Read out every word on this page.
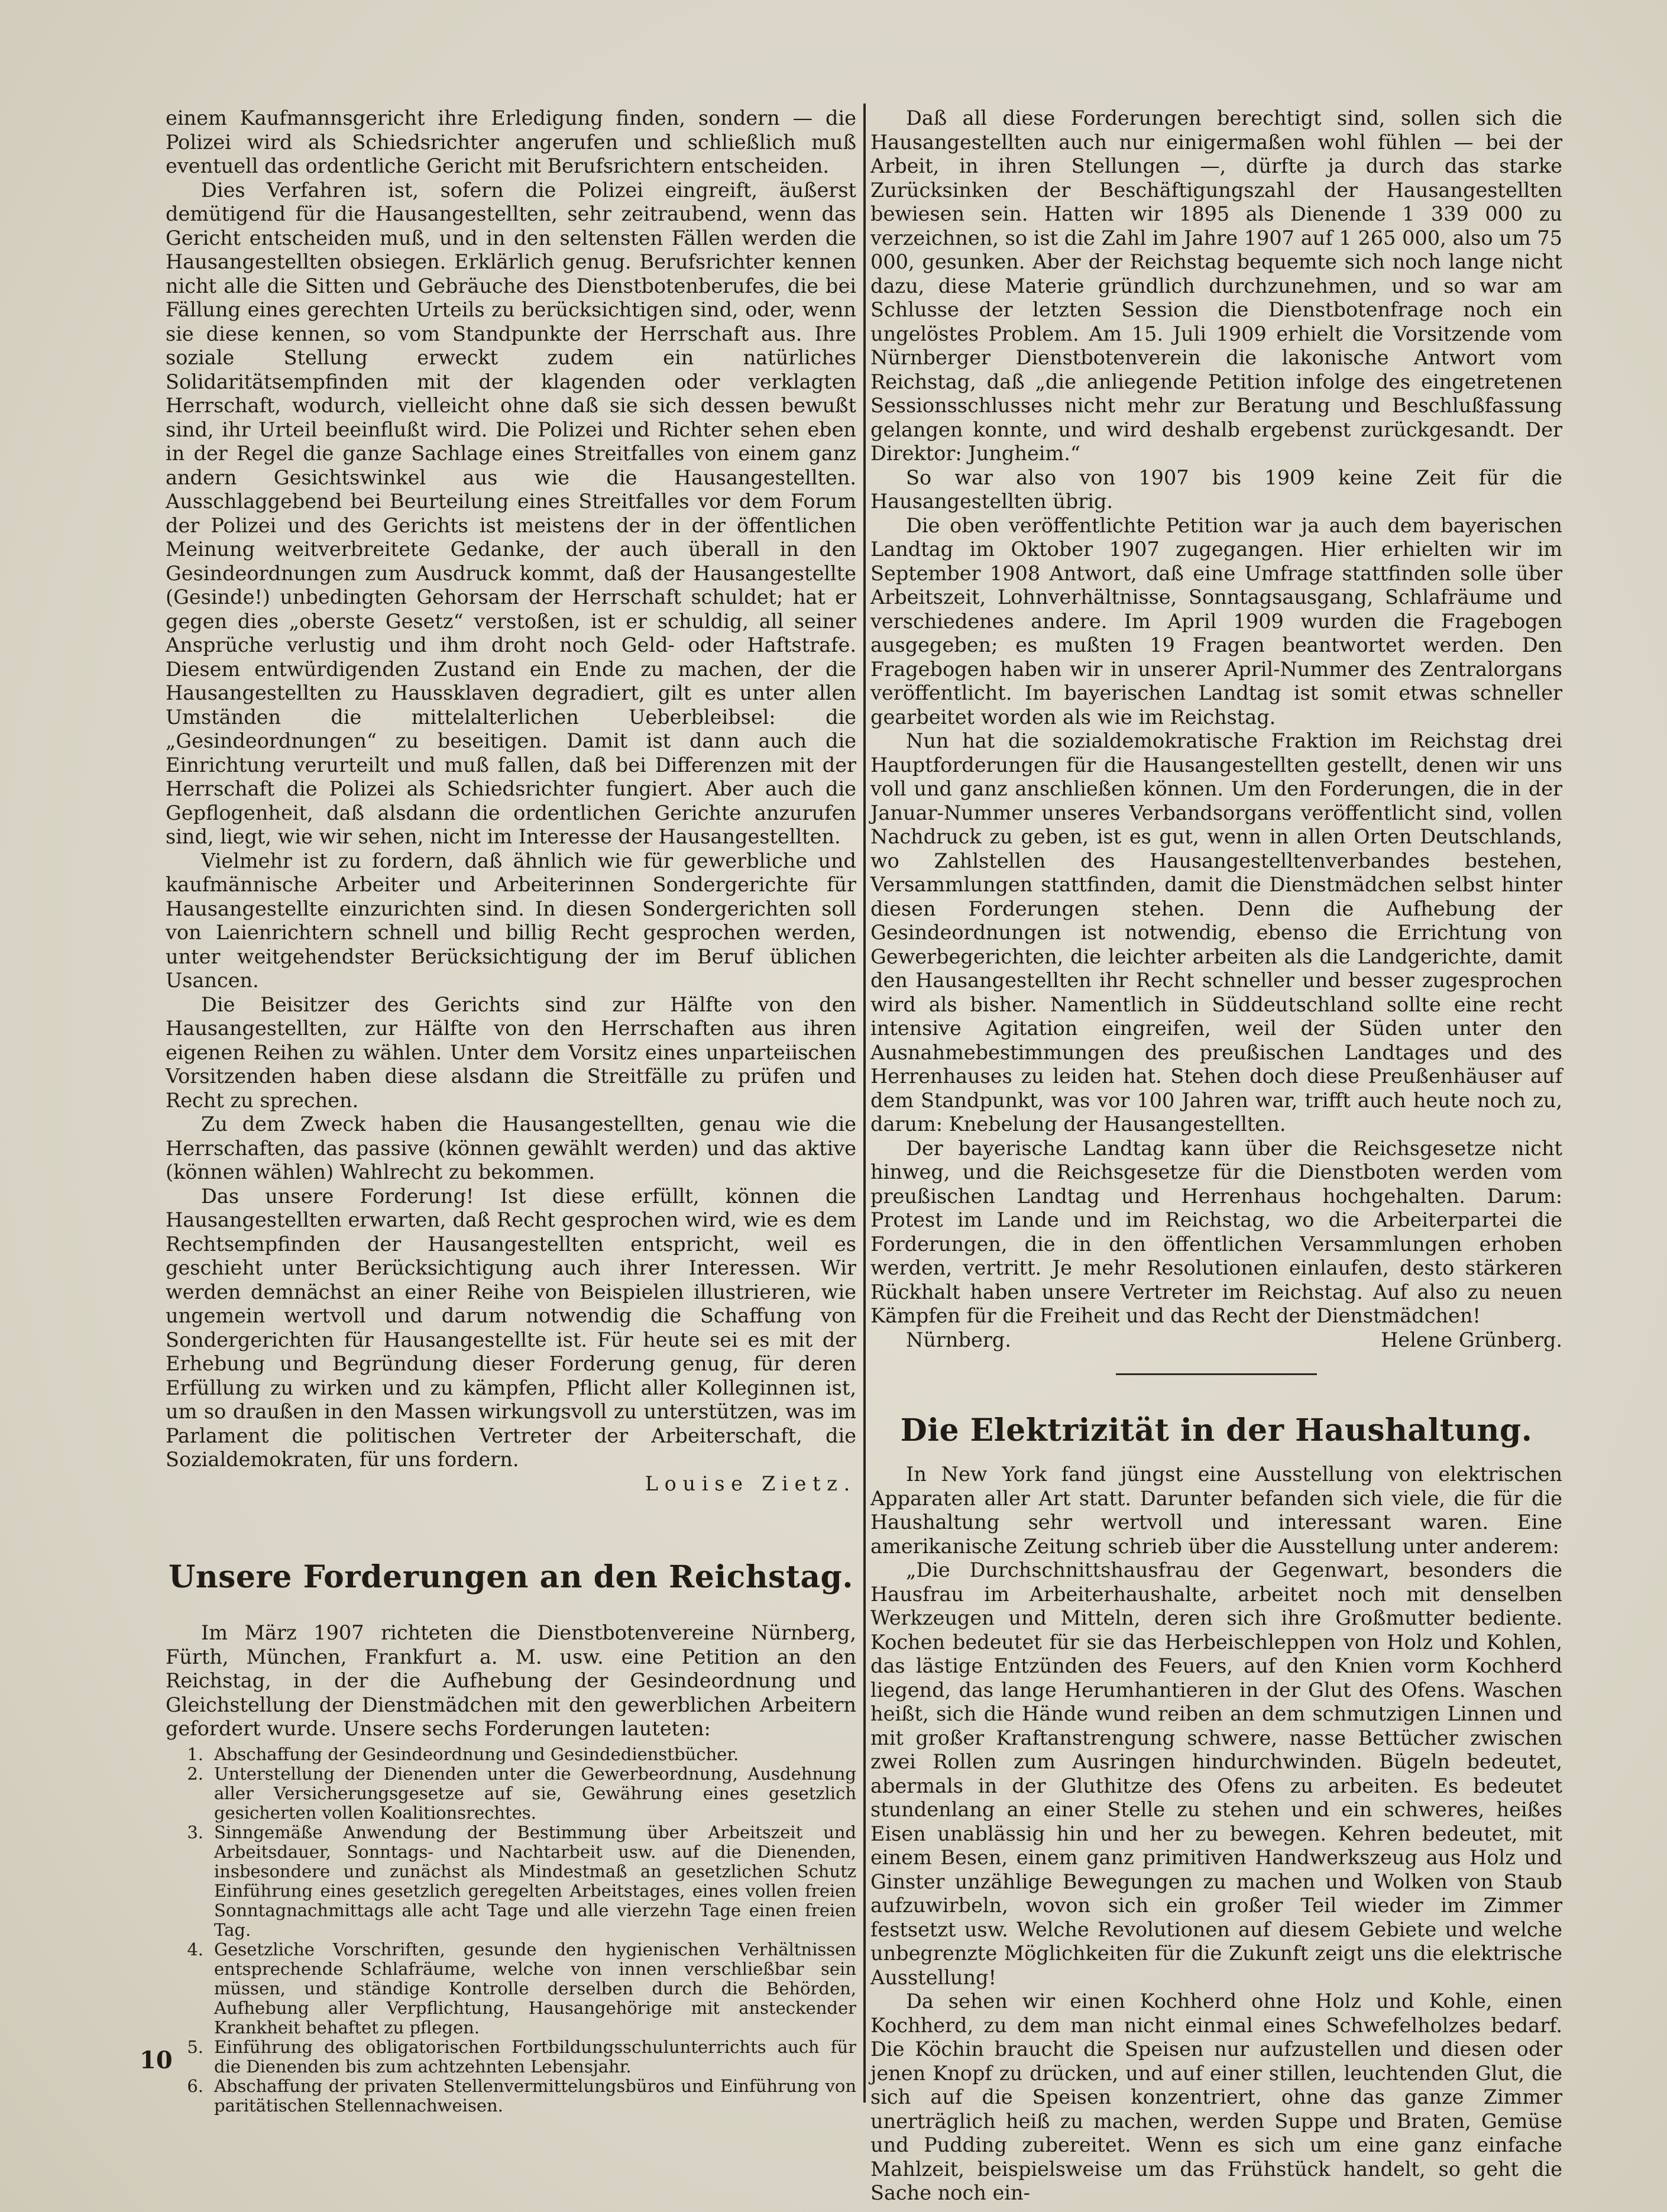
einem Kaufmannsgericht ihre Erledigung finden, sondern — die Polizei wird als Schiedsrichter angerufen und schließlich muß eventuell das ordentliche Gericht mit Berufsrichtern entscheiden.

Dies Verfahren ist, sofern die Polizei eingreift, äußerst demütigend für die Hausangestellten, sehr zeitraubend, wenn das Gericht entscheiden muß, und in den seltensten Fällen werden die Hausangestellten obsiegen. Erklärlich genug. Berufsrichter kennen nicht alle die Sitten und Gebräuche des Dienstbotenberufes, die bei Fällung eines gerechten Urteils zu berücksichtigen sind, oder, wenn sie diese kennen, so vom Standpunkte der Herrschaft aus. Ihre soziale Stellung erweckt zudem ein natürliches Solidaritätsempfinden mit der klagenden oder verklagten Herrschaft, wodurch, vielleicht ohne daß sie sich dessen bewußt sind, ihr Urteil beeinflußt wird. Die Polizei und Richter sehen eben in der Regel die ganze Sachlage eines Streitfalles von einem ganz andern Gesichtswinkel aus wie die Hausangestellten. Ausschlaggebend bei Beurteilung eines Streitfalles vor dem Forum der Polizei und des Gerichts ist meistens der in der öffentlichen Meinung weitverbreitete Gedanke, der auch überall in den Gesindeordnungen zum Ausdruck kommt, daß der Hausangestellte (Gesinde!) unbedingten Gehorsam der Herrschaft schuldet; hat er gegen dies „oberste Gesetz“ verstoßen, ist er schuldig, all seiner Ansprüche verlustig und ihm droht noch Geld- oder Haftstrafe. Diesem entwürdigenden Zustand ein Ende zu machen, der die Hausangestellten zu Haussklaven degradiert, gilt es unter allen Umständen die mittelalterlichen Ueberbleibsel: die „Gesindeordnungen“ zu beseitigen. Damit ist dann auch die Einrichtung verurteilt und muß fallen, daß bei Differenzen mit der Herrschaft die Polizei als Schiedsrichter fungiert. Aber auch die Gepflogenheit, daß alsdann die ordentlichen Gerichte anzurufen sind, liegt, wie wir sehen, nicht im Interesse der Hausangestellten.

Vielmehr ist zu fordern, daß ähnlich wie für gewerbliche und kaufmännische Arbeiter und Arbeiterinnen Sondergerichte für Hausangestellte einzurichten sind. In diesen Sondergerichten soll von Laienrichtern schnell und billig Recht gesprochen werden, unter weitgehendster Berücksichtigung der im Beruf üblichen Usancen.

Die Beisitzer des Gerichts sind zur Hälfte von den Hausangestellten, zur Hälfte von den Herrschaften aus ihren eigenen Reihen zu wählen. Unter dem Vorsitz eines unparteiischen Vorsitzenden haben diese alsdann die Streitfälle zu prüfen und Recht zu sprechen.

Zu dem Zweck haben die Hausangestellten, genau wie die Herrschaften, das passive (können gewählt werden) und das aktive (können wählen) Wahlrecht zu bekommen.

Das unsere Forderung! Ist diese erfüllt, können die Hausangestellten erwarten, daß Recht gesprochen wird, wie es dem Rechtsempfinden der Hausangestellten entspricht, weil es geschieht unter Berücksichtigung auch ihrer Interessen. Wir werden demnächst an einer Reihe von Beispielen illustrieren, wie ungemein wertvoll und darum notwendig die Schaffung von Sondergerichten für Hausangestellte ist. Für heute sei es mit der Erhebung und Begründung dieser Forderung genug, für deren Erfüllung zu wirken und zu kämpfen, Pflicht aller Kolleginnen ist, um so draußen in den Massen wirkungsvoll zu unterstützen, was im Parlament die politischen Vertreter der Arbeiterschaft, die Sozialdemokraten, für uns fordern.

Louise Zietz.
Unsere Forderungen an den Reichstag.

Im März 1907 richteten die Dienstbotenvereine Nürnberg, Fürth, München, Frankfurt a. M. usw. eine Petition an den Reichstag, in der die Aufhebung der Gesindeordnung und Gleichstellung der Dienstmädchen mit den gewerblichen Arbeitern gefordert wurde. Unsere sechs Forderungen lauteten:

1. Abschaffung der Gesindeordnung und Gesindedienstbücher.
2. Unterstellung der Dienenden unter die Gewerbeordnung, Ausdehnung aller Versicherungsgesetze auf sie, Gewährung eines gesetzlich gesicherten vollen Koalitionsrechtes.
3. Sinngemäße Anwendung der Bestimmung über Arbeitszeit und Arbeitsdauer, Sonntags- und Nachtarbeit usw. auf die Dienenden, insbesondere und zunächst als Mindestmaß an gesetzlichen Schutz Einführung eines gesetzlich geregelten Arbeitstages, eines vollen freien Sonntagnachmittags alle acht Tage und alle vierzehn Tage einen freien Tag.
4. Gesetzliche Vorschriften, gesunde den hygienischen Verhältnissen entsprechende Schlafräume, welche von innen verschließbar sein müssen, und ständige Kontrolle derselben durch die Behörden, Aufhebung aller Verpflichtung, Hausangehörige mit ansteckender Krankheit behaftet zu pflegen.
5. Einführung des obligatorischen Fortbildungsschulunterrichts auch für die Dienenden bis zum achtzehnten Lebensjahr.
6. Abschaffung der privaten Stellenvermittelungsbüros und Einführung von paritätischen Stellennachweisen.

Daß all diese Forderungen berechtigt sind, sollen sich die Hausangestellten auch nur einigermaßen wohl fühlen — bei der Arbeit, in ihren Stellungen —, dürfte ja durch das starke Zurücksinken der Beschäftigungszahl der Hausangestellten bewiesen sein. Hatten wir 1895 als Dienende 1 339 000 zu verzeichnen, so ist die Zahl im Jahre 1907 auf 1 265 000, also um 75 000, gesunken. Aber der Reichstag bequemte sich noch lange nicht dazu, diese Materie gründlich durchzunehmen, und so war am Schlusse der letzten Session die Dienstbotenfrage noch ein ungelöstes Problem. Am 15. Juli 1909 erhielt die Vorsitzende vom Nürnberger Dienstbotenverein die lakonische Antwort vom Reichstag, daß „die anliegende Petition infolge des eingetretenen Sessionsschlusses nicht mehr zur Beratung und Beschlußfassung gelangen konnte, und wird deshalb ergebenst zurückgesandt. Der Direktor: Jungheim.“

So war also von 1907 bis 1909 keine Zeit für die Hausangestellten übrig.

Die oben veröffentlichte Petition war ja auch dem bayerischen Landtag im Oktober 1907 zugegangen. Hier erhielten wir im September 1908 Antwort, daß eine Umfrage stattfinden solle über Arbeitszeit, Lohnverhältnisse, Sonntagsausgang, Schlafräume und verschiedenes andere. Im April 1909 wurden die Fragebogen ausgegeben; es mußten 19 Fragen beantwortet werden. Den Fragebogen haben wir in unserer April-Nummer des Zentralorgans veröffentlicht. Im bayerischen Landtag ist somit etwas schneller gearbeitet worden als wie im Reichstag.

Nun hat die sozialdemokratische Fraktion im Reichstag drei Hauptforderungen für die Hausangestellten gestellt, denen wir uns voll und ganz anschließen können. Um den Forderungen, die in der Januar-Nummer unseres Verbandsorgans veröffentlicht sind, vollen Nachdruck zu geben, ist es gut, wenn in allen Orten Deutschlands, wo Zahlstellen des Hausangestelltenverbandes bestehen, Versammlungen stattfinden, damit die Dienstmädchen selbst hinter diesen Forderungen stehen. Denn die Aufhebung der Gesindeordnungen ist notwendig, ebenso die Errichtung von Gewerbegerichten, die leichter arbeiten als die Landgerichte, damit den Hausangestellten ihr Recht schneller und besser zugesprochen wird als bisher. Namentlich in Süddeutschland sollte eine recht intensive Agitation eingreifen, weil der Süden unter den Ausnahmebestimmungen des preußischen Landtages und des Herrenhauses zu leiden hat. Stehen doch diese Preußenhäuser auf dem Standpunkt, was vor 100 Jahren war, trifft auch heute noch zu, darum: Knebelung der Hausangestellten.

Der bayerische Landtag kann über die Reichsgesetze nicht hinweg, und die Reichsgesetze für die Dienstboten werden vom preußischen Landtag und Herrenhaus hochgehalten. Darum: Protest im Lande und im Reichstag, wo die Arbeiterpartei die Forderungen, die in den öffentlichen Versammlungen erhoben werden, vertritt. Je mehr Resolutionen einlaufen, desto stärkeren Rückhalt haben unsere Vertreter im Reichstag. Auf also zu neuen Kämpfen für die Freiheit und das Recht der Dienstmädchen!

Nürnberg.	Helene Grünberg.
Die Elektrizität in der Haushaltung.

In New York fand jüngst eine Ausstellung von elektrischen Apparaten aller Art statt. Darunter befanden sich viele, die für die Haushaltung sehr wertvoll und interessant waren. Eine amerikanische Zeitung schrieb über die Ausstellung unter anderem:

„Die Durchschnittshausfrau der Gegenwart, besonders die Hausfrau im Arbeiterhaushalte, arbeitet noch mit denselben Werkzeugen und Mitteln, deren sich ihre Großmutter bediente. Kochen bedeutet für sie das Herbeischleppen von Holz und Kohlen, das lästige Entzünden des Feuers, auf den Knien vorm Kochherd liegend, das lange Herumhantieren in der Glut des Ofens. Waschen heißt, sich die Hände wund reiben an dem schmutzigen Linnen und mit großer Kraftanstrengung schwere, nasse Bettücher zwischen zwei Rollen zum Ausringen hindurchwinden. Bügeln bedeutet, abermals in der Gluthitze des Ofens zu arbeiten. Es bedeutet stundenlang an einer Stelle zu stehen und ein schweres, heißes Eisen unablässig hin und her zu bewegen. Kehren bedeutet, mit einem Besen, einem ganz primitiven Handwerkszeug aus Holz und Ginster unzählige Bewegungen zu machen und Wolken von Staub aufzuwirbeln, wovon sich ein großer Teil wieder im Zimmer festsetzt usw. Welche Revolutionen auf diesem Gebiete und welche unbegrenzte Möglichkeiten für die Zukunft zeigt uns die elektrische Ausstellung!

Da sehen wir einen Kochherd ohne Holz und Kohle, einen Kochherd, zu dem man nicht einmal eines Schwefelholzes bedarf. Die Köchin braucht die Speisen nur aufzustellen und diesen oder jenen Knopf zu drücken, und auf einer stillen, leuchtenden Glut, die sich auf die Speisen konzentriert, ohne das ganze Zimmer unerträglich heiß zu machen, werden Suppe und Braten, Gemüse und Pudding zubereitet. Wenn es sich um eine ganz einfache Mahlzeit, beispielsweise um das Frühstück handelt, so geht die Sache noch ein-

10
